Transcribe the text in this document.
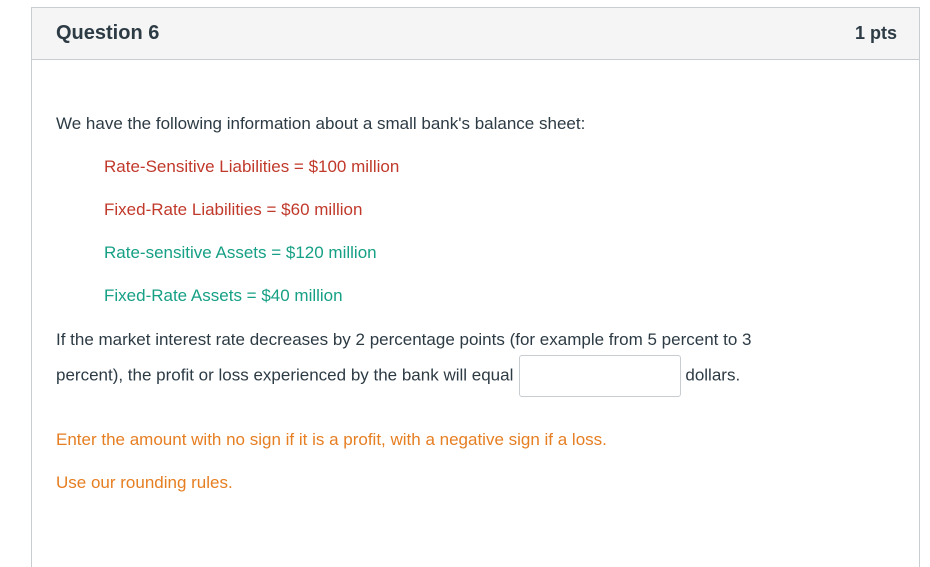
Question 6	1 pts
We have the following information about a small bank's balance sheet:
Rate-Sensitive Liabilities = $100 million
Fixed-Rate Liabilities = $60 million
Rate-sensitive Assets = $120 million
Fixed-Rate Assets = $40 million
If the market interest rate decreases by 2 percentage points (for example from 5 percent to 3
percent), the profit or loss experienced by the bank will equal	dollars.
Enter the amount with no sign if it is a profit, with a negative sign if a loss.
Use our rounding rules.
